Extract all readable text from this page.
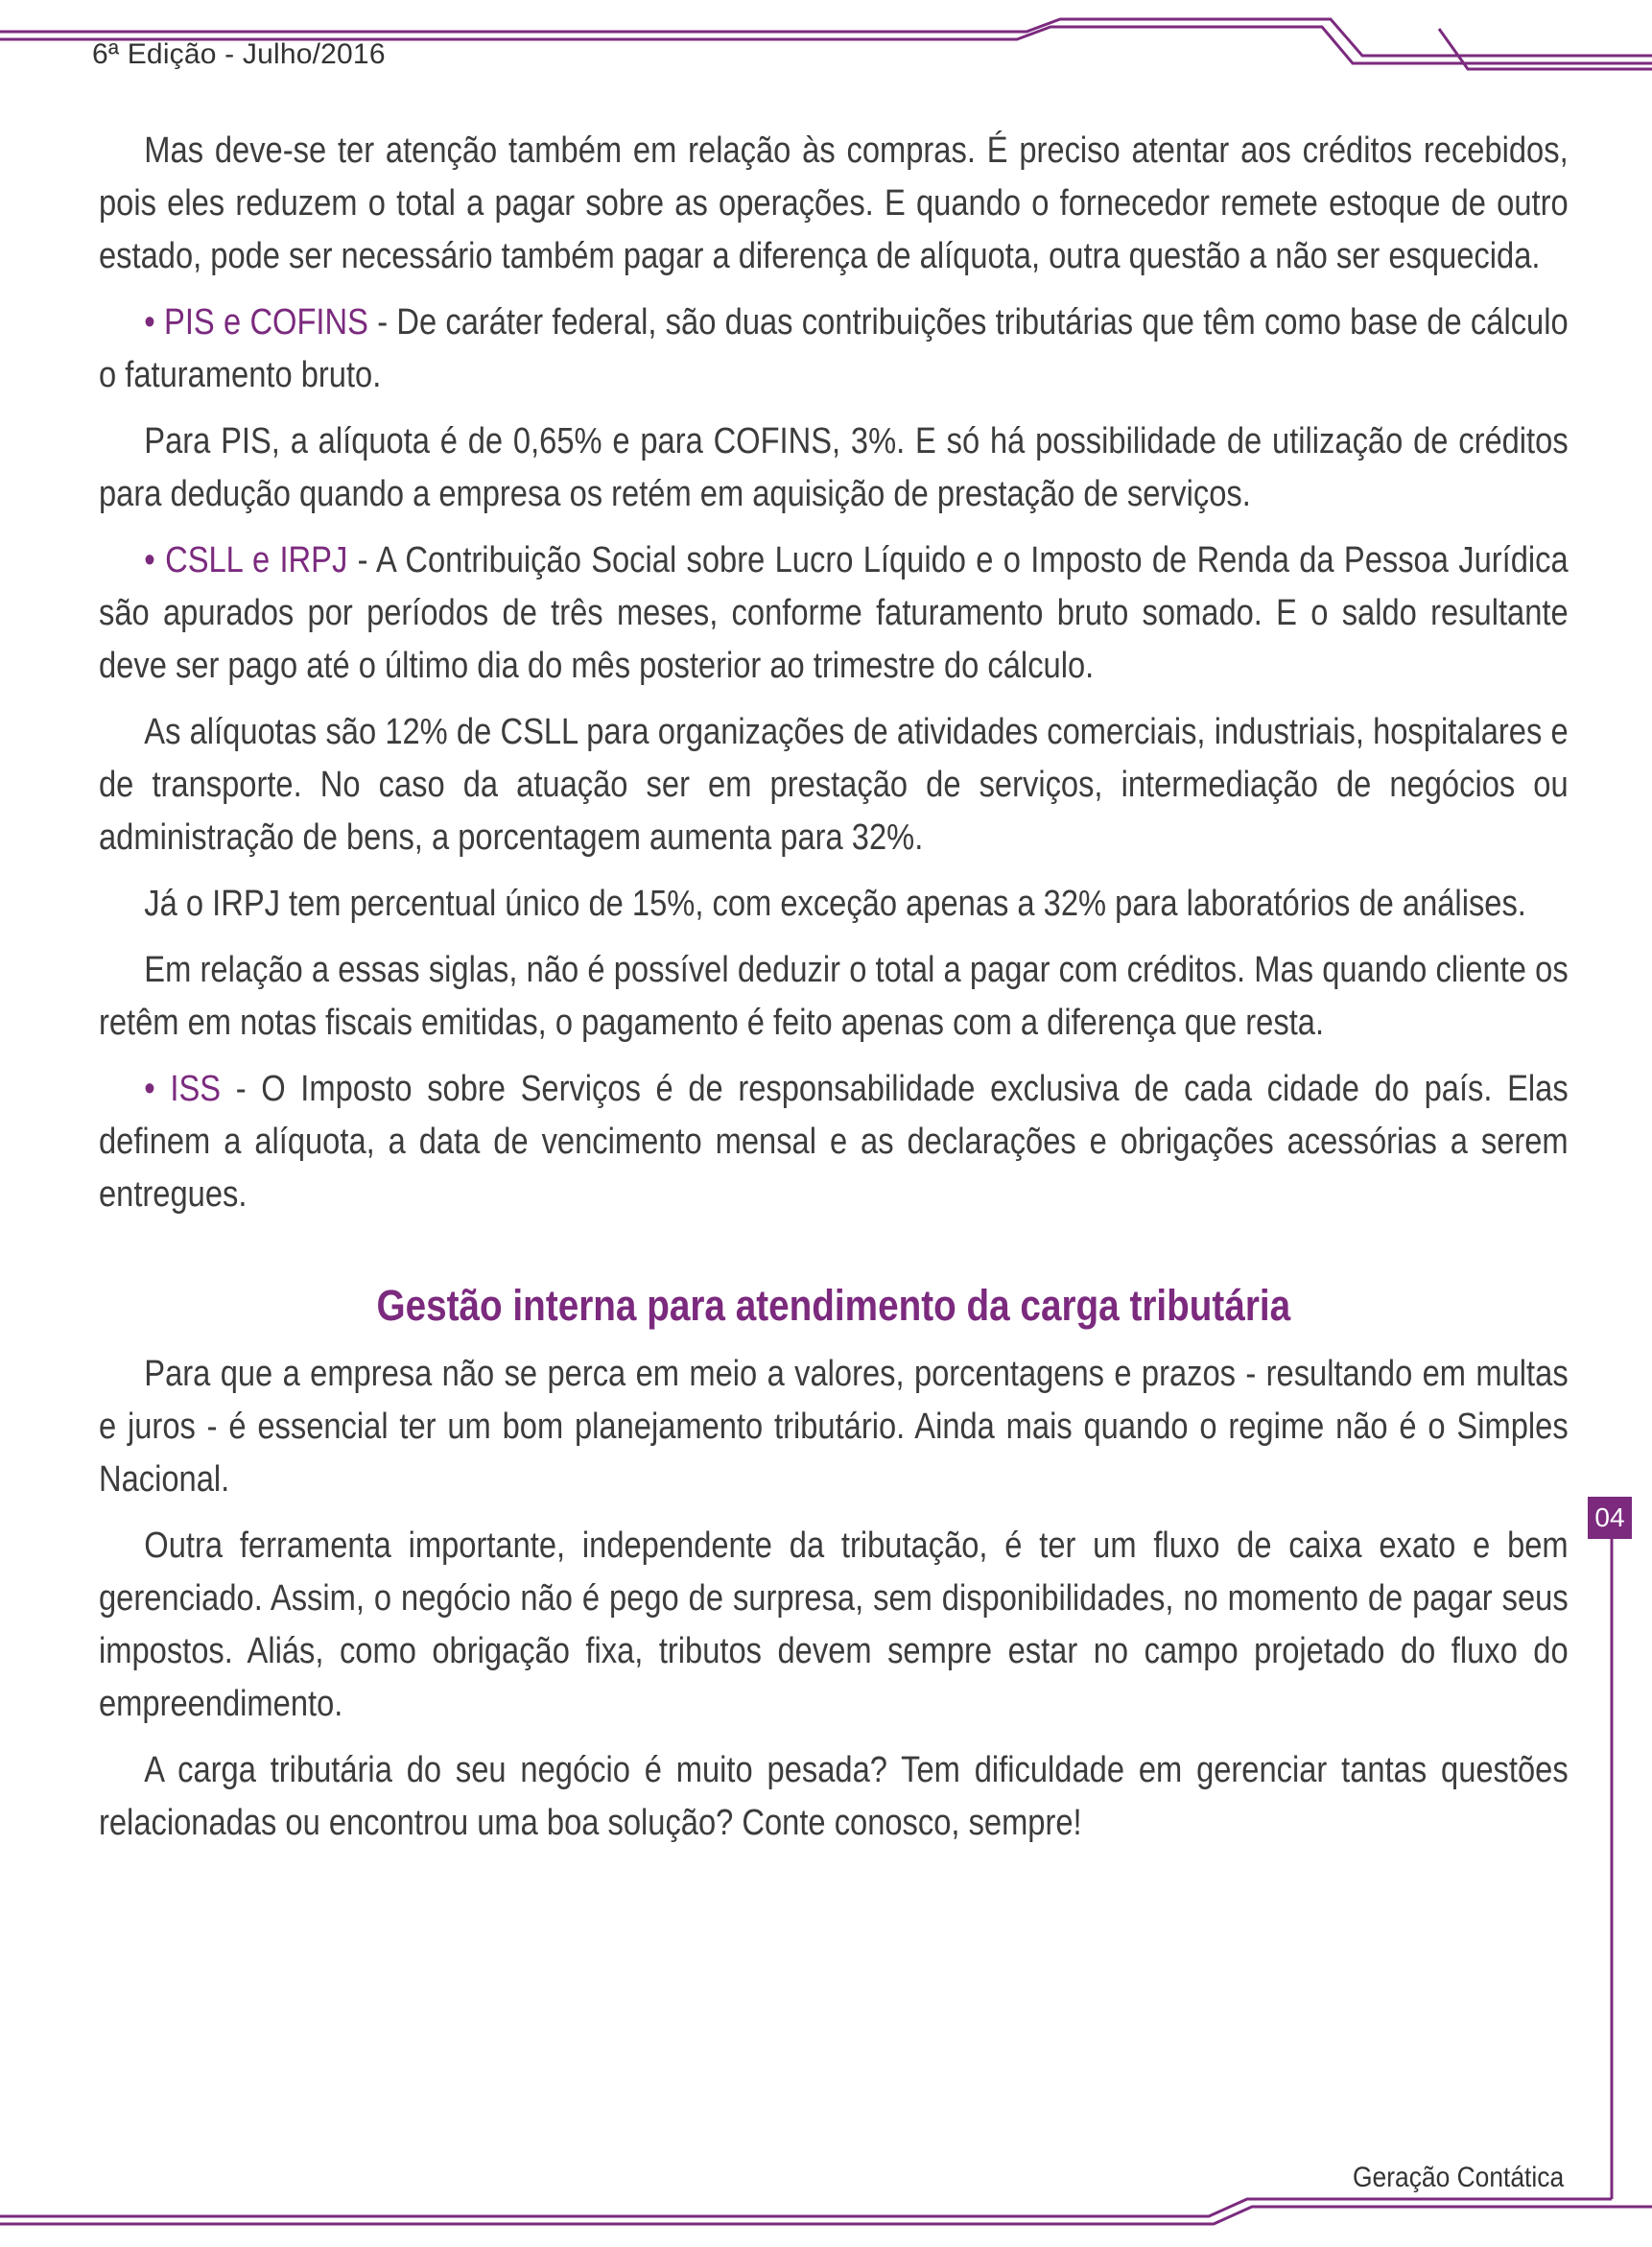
6ª Edição - Julho/2016

Mas deve-se ter atenção também em relação às compras. É preciso atentar aos créditos recebidos, pois eles reduzem o total a pagar sobre as operações. E quando o fornecedor remete estoque de outro estado, pode ser necessário também pagar a diferença de alíquota, outra questão a não ser esquecida.

• PIS e COFINS - De caráter federal, são duas contribuições tributárias que têm como base de cálculo o faturamento bruto.

Para PIS, a alíquota é de 0,65% e para COFINS, 3%. E só há possibilidade de utilização de créditos para dedução quando a empresa os retém em aquisição de prestação de serviços.

• CSLL e IRPJ - A Contribuição Social sobre Lucro Líquido e o Imposto de Renda da Pessoa Jurídica são apurados por períodos de três meses, conforme faturamento bruto somado. E o saldo resultante deve ser pago até o último dia do mês posterior ao trimestre do cálculo.

As alíquotas são 12% de CSLL para organizações de atividades comerciais, industriais, hospitalares e de transporte. No caso da atuação ser em prestação de serviços, intermediação de negócios ou administração de bens, a porcentagem aumenta para 32%.

Já o IRPJ tem percentual único de 15%, com exceção apenas a 32% para laboratórios de análises.

Em relação a essas siglas, não é possível deduzir o total a pagar com créditos. Mas quando cliente os retêm em notas fiscais emitidas, o pagamento é feito apenas com a diferença que resta.

• ISS - O Imposto sobre Serviços é de responsabilidade exclusiva de cada cidade do país. Elas definem a alíquota, a data de vencimento mensal e as declarações e obrigações acessórias a serem entregues.

Gestão interna para atendimento da carga tributária

Para que a empresa não se perca em meio a valores, porcentagens e prazos - resultando em multas e juros - é essencial ter um bom planejamento tributário. Ainda mais quando o regime não é o Simples Nacional.

Outra ferramenta importante, independente da tributação, é ter um fluxo de caixa exato e bem gerenciado. Assim, o negócio não é pego de surpresa, sem disponibilidades, no momento de pagar seus impostos. Aliás, como obrigação fixa, tributos devem sempre estar no campo projetado do fluxo do empreendimento.

A carga tributária do seu negócio é muito pesada? Tem dificuldade em gerenciar tantas questões relacionadas ou encontrou uma boa solução? Conte conosco, sempre!

04
Geração Contática
